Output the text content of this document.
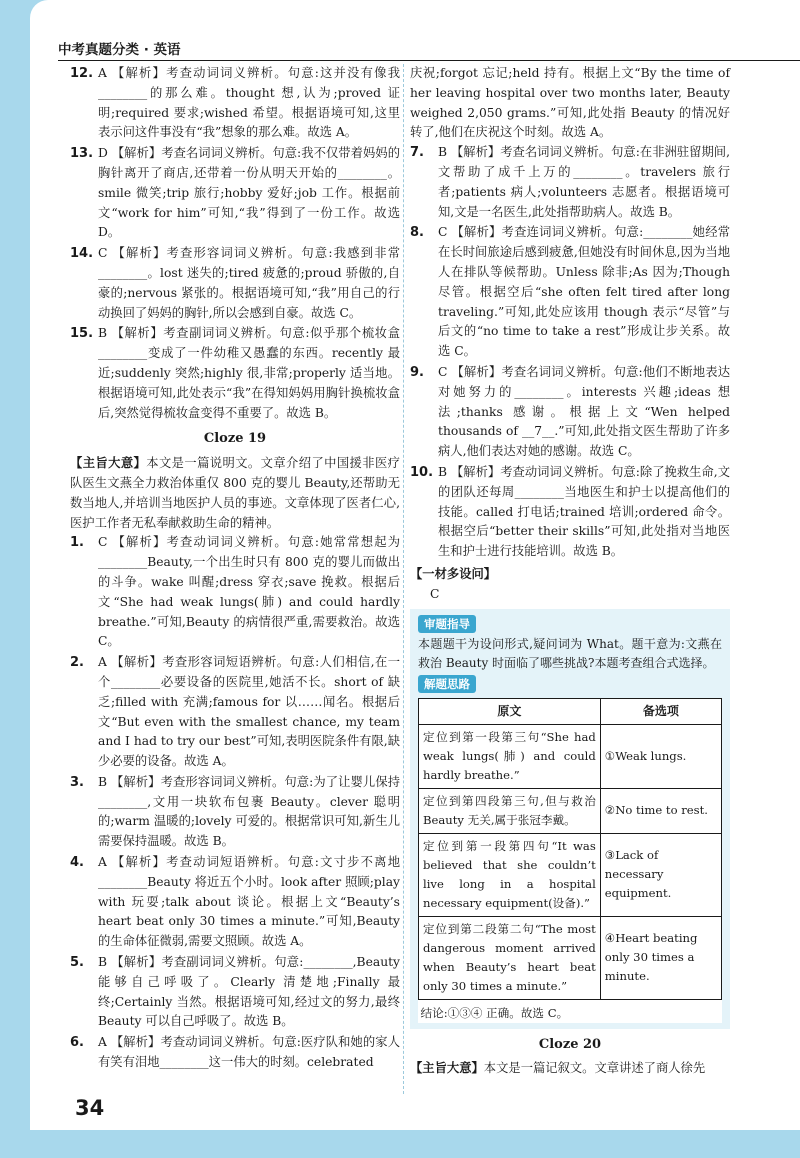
中考真题分类 · 英语
12. A 【解析】考查动词词义辨析。句意:这并没有像我________的那么难。thought 想,认为;proved 证明;required 要求;wished 希望。根据语境可知,这里表示问这件事没有“我”想象的那么难。故选 A。
13. D 【解析】考查名词词义辨析。句意:我不仅带着妈妈的胸针离开了商店,还带着一份从明天开始的________。smile 微笑;trip 旅行;hobby 爱好;job 工作。根据前文“work for him”可知,“我”得到了一份工作。故选 D。
14. C 【解析】考查形容词词义辨析。句意:我感到非常________。lost 迷失的;tired 疲惫的;proud 骄傲的,自豪的;nervous 紧张的。根据语境可知,“我”用自己的行动换回了妈妈的胸针,所以会感到自豪。故选 C。
15. B 【解析】考查副词词义辨析。句意:似乎那个梳妆盒________变成了一件幼稚又愚蠢的东西。recently 最近;suddenly 突然;highly 很,非常;properly 适当地。根据语境可知,此处表示“我”在得知妈妈用胸针换梳妆盒后,突然觉得梳妆盒变得不重要了。故选 B。
Cloze 19
【主旨大意】本文是一篇说明文。文章介绍了中国援非医疗队医生文燕全力救治体重仅 800 克的婴儿 Beauty,还帮助无数当地人,并培训当地医护人员的事迹。文章体现了医者仁心,医护工作者无私奉献救助生命的精神。
1. C 【解析】考查动词词义辨析。句意:她常常想起为________Beauty,一个出生时只有 800 克的婴儿而做出的斗争。wake 叫醒;dress 穿衣;save 挽救。根据后文“She had weak lungs(肺) and could hardly breathe.”可知,Beauty 的病情很严重,需要救治。故选 C。
2. A 【解析】考查形容词短语辨析。句意:人们相信,在一个________必要设备的医院里,她活不长。short of 缺乏;filled with 充满;famous for 以……闻名。根据后文“But even with the smallest chance, my team and I had to try our best”可知,表明医院条件有限,缺少必要的设备。故选 A。
3. B 【解析】考查形容词词义辨析。句意:为了让婴儿保持________,文用一块软布包裹 Beauty。clever 聪明的;warm 温暖的;lovely 可爱的。根据常识可知,新生儿需要保持温暖。故选 B。
4. A 【解析】考查动词短语辨析。句意:文寸步不离地________Beauty 将近五个小时。look after 照顾;play with 玩耍;talk about 谈论。根据上文“Beauty’s heart beat only 30 times a minute.”可知,Beauty 的生命体征微弱,需要文照顾。故选 A。
5. B 【解析】考查副词词义辨析。句意:________,Beauty 能够自己呼吸了。Clearly 清楚地;Finally 最终;Certainly 当然。根据语境可知,经过文的努力,最终 Beauty 可以自己呼吸了。故选 B。
6. A 【解析】考查动词词义辨析。句意:医疗队和她的家人有笑有泪地________这一伟大的时刻。celebrated
庆祝;forgot 忘记;held 持有。根据上文“By the time of her leaving hospital over two months later, Beauty weighed 2,050 grams.”可知,此处指 Beauty 的情况好转了,他们在庆祝这个时刻。故选 A。
7. B 【解析】考查名词词义辨析。句意:在非洲驻留期间,文帮助了成千上万的________。travelers 旅行者;patients 病人;volunteers 志愿者。根据语境可知,文是一名医生,此处指帮助病人。故选 B。
8. C 【解析】考查连词词义辨析。句意:________她经常在长时间旅途后感到疲惫,但她没有时间休息,因为当地人在排队等候帮助。Unless 除非;As 因为;Though 尽管。根据空后“she often felt tired after long traveling.”可知,此处应该用 though 表示“尽管”与后文的“no time to take a rest”形成让步关系。故选 C。
9. C 【解析】考查名词词义辨析。句意:他们不断地表达对她努力的________。interests 兴趣;ideas 想法;thanks 感谢。根据上文“Wen helped thousands of __7__.”可知,此处指文医生帮助了许多病人,他们表达对她的感谢。故选 C。
10. B 【解析】考查动词词义辨析。句意:除了挽救生命,文的团队还每周________当地医生和护士以提高他们的技能。called 打电话;trained 培训;ordered 命令。根据空后“better their skills”可知,此处指对当地医生和护士进行技能培训。故选 B。
【一材多设问】
C
审题指导
本题题干为设问形式,疑问词为 What。题干意为:文燕在救治 Beauty 时面临了哪些挑战?本题考查组合式选择。
解题思路
原文	备选项
定位到第一段第三句“She had weak lungs(肺) and could hardly breathe.”	①Weak lungs.
定位到第四段第三句,但与救治 Beauty 无关,属于张冠李戴。	②No time to rest.
定位到第一段第四句“It was believed that she couldn’t live long in a hospital necessary equipment(设备).”	③Lack of necessary equipment.
定位到第二段第二句“The most dangerous moment arrived when Beauty’s heart beat only 30 times a minute.”	④Heart beating only 30 times a minute.
结论:①③④ 正确。故选 C。	
Cloze 20
【主旨大意】本文是一篇记叙文。文章讲述了商人徐先
34
